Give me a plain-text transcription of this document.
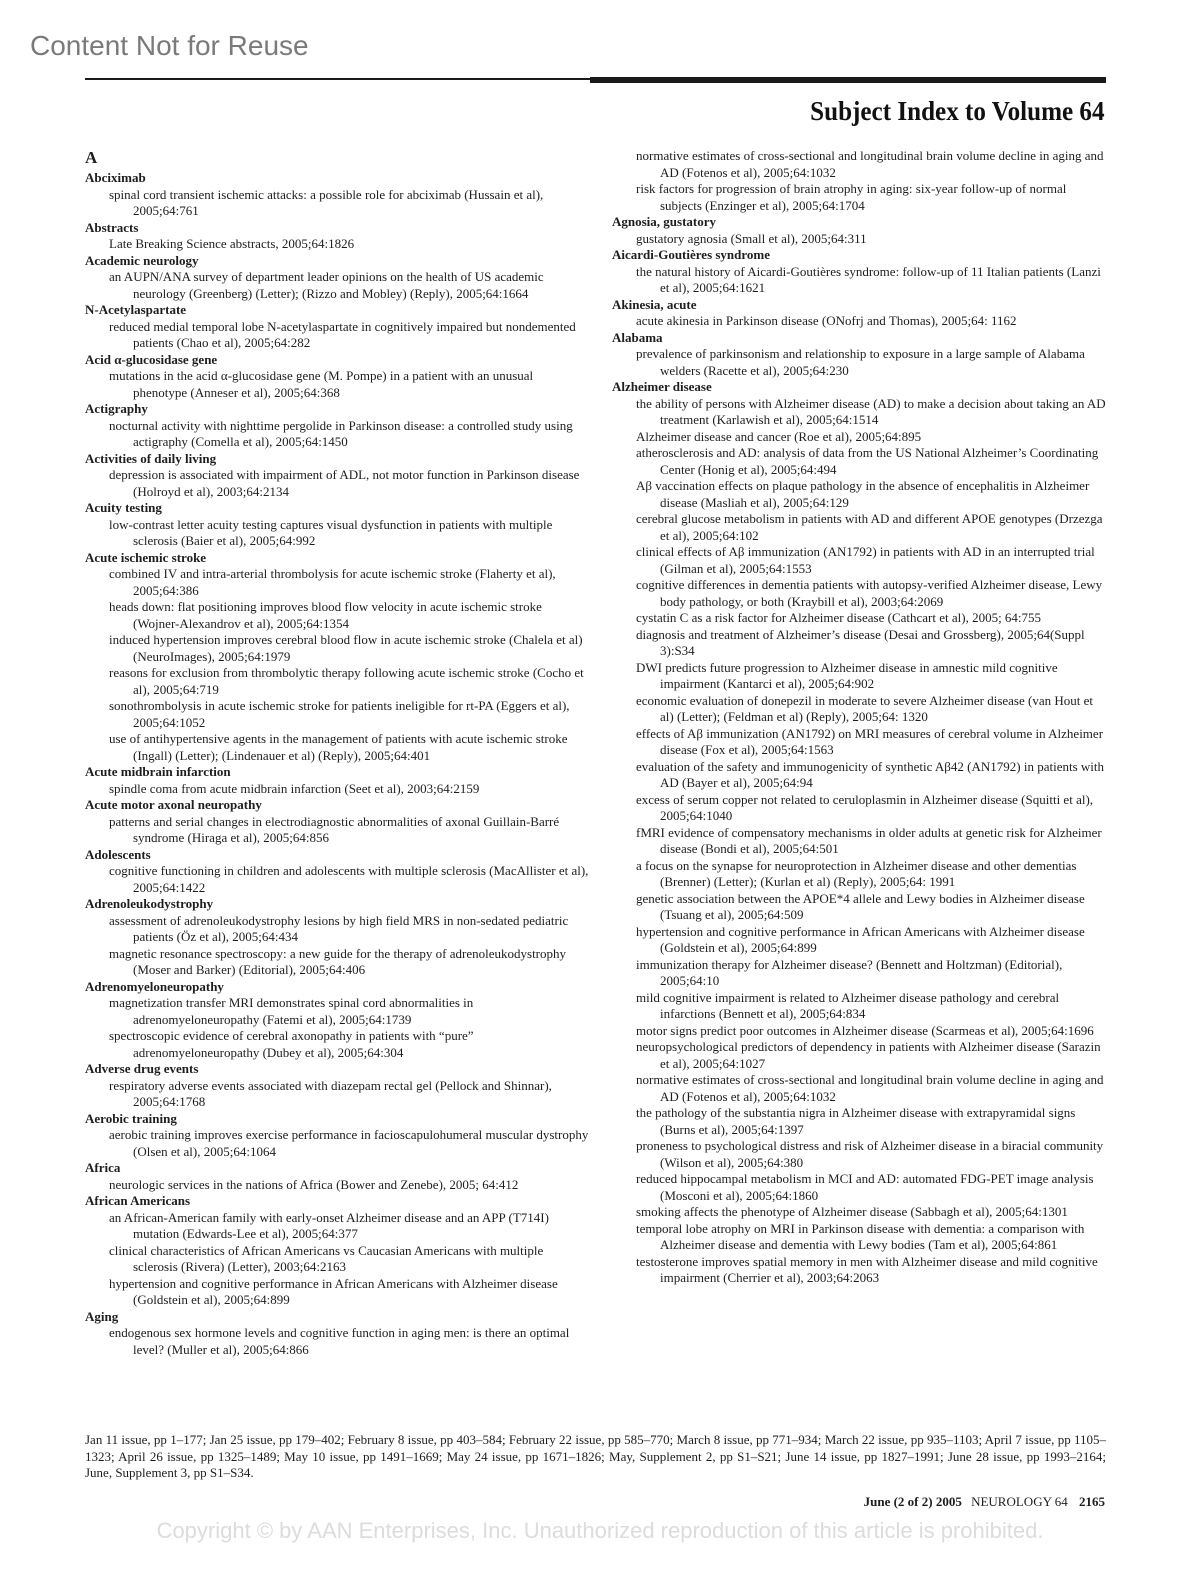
Content Not for Reuse
Subject Index to Volume 64
A
Abciximab
spinal cord transient ischemic attacks: a possible role for abciximab (Hussain et al), 2005;64:761
Abstracts
Late Breaking Science abstracts, 2005;64:1826
Academic neurology
an AUPN/ANA survey of department leader opinions on the health of US academic neurology (Greenberg) (Letter); (Rizzo and Mobley) (Reply), 2005;64:1664
N-Acetylaspartate
reduced medial temporal lobe N-acetylaspartate in cognitively impaired but nondemented patients (Chao et al), 2005;64:282
Acid α-glucosidase gene
mutations in the acid α-glucosidase gene (M. Pompe) in a patient with an unusual phenotype (Anneser et al), 2005;64:368
Actigraphy
nocturnal activity with nighttime pergolide in Parkinson disease: a controlled study using actigraphy (Comella et al), 2005;64:1450
Activities of daily living
depression is associated with impairment of ADL, not motor function in Parkinson disease (Holroyd et al), 2003;64:2134
Acuity testing
low-contrast letter acuity testing captures visual dysfunction in patients with multiple sclerosis (Baier et al), 2005;64:992
Acute ischemic stroke
combined IV and intra-arterial thrombolysis for acute ischemic stroke (Flaherty et al), 2005;64:386
heads down: flat positioning improves blood flow velocity in acute ischemic stroke (Wojner-Alexandrov et al), 2005;64:1354
induced hypertension improves cerebral blood flow in acute ischemic stroke (Chalela et al) (NeuroImages), 2005;64:1979
reasons for exclusion from thrombolytic therapy following acute ischemic stroke (Cocho et al), 2005;64:719
sonothrombolysis in acute ischemic stroke for patients ineligible for rt-PA (Eggers et al), 2005;64:1052
use of antihypertensive agents in the management of patients with acute ischemic stroke (Ingall) (Letter); (Lindenauer et al) (Reply), 2005;64:401
Acute midbrain infarction
spindle coma from acute midbrain infarction (Seet et al), 2003;64:2159
Acute motor axonal neuropathy
patterns and serial changes in electrodiagnostic abnormalities of axonal Guillain-Barré syndrome (Hiraga et al), 2005;64:856
Adolescents
cognitive functioning in children and adolescents with multiple sclerosis (MacAllister et al), 2005;64:1422
Adrenoleukodystrophy
assessment of adrenoleukodystrophy lesions by high field MRS in non-sedated pediatric patients (Öz et al), 2005;64:434
magnetic resonance spectroscopy: a new guide for the therapy of adrenoleukodystrophy (Moser and Barker) (Editorial), 2005;64:406
Adrenomyeloneuropathy
magnetization transfer MRI demonstrates spinal cord abnormalities in adrenomyeloneuropathy (Fatemi et al), 2005;64:1739
spectroscopic evidence of cerebral axonopathy in patients with “pure” adrenomyeloneuropathy (Dubey et al), 2005;64:304
Adverse drug events
respiratory adverse events associated with diazepam rectal gel (Pellock and Shinnar), 2005;64:1768
Aerobic training
aerobic training improves exercise performance in facioscapulohumeral muscular dystrophy (Olsen et al), 2005;64:1064
Africa
neurologic services in the nations of Africa (Bower and Zenebe), 2005; 64:412
African Americans
an African-American family with early-onset Alzheimer disease and an APP (T714I) mutation (Edwards-Lee et al), 2005;64:377
clinical characteristics of African Americans vs Caucasian Americans with multiple sclerosis (Rivera) (Letter), 2003;64:2163
hypertension and cognitive performance in African Americans with Alzheimer disease (Goldstein et al), 2005;64:899
Aging
endogenous sex hormone levels and cognitive function in aging men: is there an optimal level? (Muller et al), 2005;64:866
normative estimates of cross-sectional and longitudinal brain volume decline in aging and AD (Fotenos et al), 2005;64:1032
risk factors for progression of brain atrophy in aging: six-year follow-up of normal subjects (Enzinger et al), 2005;64:1704
Agnosia, gustatory
gustatory agnosia (Small et al), 2005;64:311
Aicardi-Goutières syndrome
the natural history of Aicardi-Goutières syndrome: follow-up of 11 Italian patients (Lanzi et al), 2005;64:1621
Akinesia, acute
acute akinesia in Parkinson disease (ONofrj and Thomas), 2005;64: 1162
Alabama
prevalence of parkinsonism and relationship to exposure in a large sample of Alabama welders (Racette et al), 2005;64:230
Alzheimer disease
the ability of persons with Alzheimer disease (AD) to make a decision about taking an AD treatment (Karlawish et al), 2005;64:1514
Alzheimer disease and cancer (Roe et al), 2005;64:895
atherosclerosis and AD: analysis of data from the US National Alzheimer’s Coordinating Center (Honig et al), 2005;64:494
Aβ vaccination effects on plaque pathology in the absence of encephalitis in Alzheimer disease (Masliah et al), 2005;64:129
cerebral glucose metabolism in patients with AD and different APOE genotypes (Drzezga et al), 2005;64:102
clinical effects of Aβ immunization (AN1792) in patients with AD in an interrupted trial (Gilman et al), 2005;64:1553
cognitive differences in dementia patients with autopsy-verified Alzheimer disease, Lewy body pathology, or both (Kraybill et al), 2003;64:2069
cystatin C as a risk factor for Alzheimer disease (Cathcart et al), 2005; 64:755
diagnosis and treatment of Alzheimer’s disease (Desai and Grossberg), 2005;64(Suppl 3):S34
DWI predicts future progression to Alzheimer disease in amnestic mild cognitive impairment (Kantarci et al), 2005;64:902
economic evaluation of donepezil in moderate to severe Alzheimer disease (van Hout et al) (Letter); (Feldman et al) (Reply), 2005;64: 1320
effects of Aβ immunization (AN1792) on MRI measures of cerebral volume in Alzheimer disease (Fox et al), 2005;64:1563
evaluation of the safety and immunogenicity of synthetic Aβ42 (AN1792) in patients with AD (Bayer et al), 2005;64:94
excess of serum copper not related to ceruloplasmin in Alzheimer disease (Squitti et al), 2005;64:1040
fMRI evidence of compensatory mechanisms in older adults at genetic risk for Alzheimer disease (Bondi et al), 2005;64:501
a focus on the synapse for neuroprotection in Alzheimer disease and other dementias (Brenner) (Letter); (Kurlan et al) (Reply), 2005;64: 1991
genetic association between the APOE*4 allele and Lewy bodies in Alzheimer disease (Tsuang et al), 2005;64:509
hypertension and cognitive performance in African Americans with Alzheimer disease (Goldstein et al), 2005;64:899
immunization therapy for Alzheimer disease? (Bennett and Holtzman) (Editorial), 2005;64:10
mild cognitive impairment is related to Alzheimer disease pathology and cerebral infarctions (Bennett et al), 2005;64:834
motor signs predict poor outcomes in Alzheimer disease (Scarmeas et al), 2005;64:1696
neuropsychological predictors of dependency in patients with Alzheimer disease (Sarazin et al), 2005;64:1027
normative estimates of cross-sectional and longitudinal brain volume decline in aging and AD (Fotenos et al), 2005;64:1032
the pathology of the substantia nigra in Alzheimer disease with extrapyramidal signs (Burns et al), 2005;64:1397
proneness to psychological distress and risk of Alzheimer disease in a biracial community (Wilson et al), 2005;64:380
reduced hippocampal metabolism in MCI and AD: automated FDG-PET image analysis (Mosconi et al), 2005;64:1860
smoking affects the phenotype of Alzheimer disease (Sabbagh et al), 2005;64:1301
temporal lobe atrophy on MRI in Parkinson disease with dementia: a comparison with Alzheimer disease and dementia with Lewy bodies (Tam et al), 2005;64:861
testosterone improves spatial memory in men with Alzheimer disease and mild cognitive impairment (Cherrier et al), 2003;64:2063
Jan 11 issue, pp 1–177; Jan 25 issue, pp 179–402; February 8 issue, pp 403–584; February 22 issue, pp 585–770; March 8 issue, pp 771–934; March 22 issue, pp 935–1103; April 7 issue, pp 1105–1323; April 26 issue, pp 1325–1489; May 10 issue, pp 1491–1669; May 24 issue, pp 1671–1826; May, Supplement 2, pp S1–S21; June 14 issue, pp 1827–1991; June 28 issue, pp 1993–2164; June, Supplement 3, pp S1–S34.
June (2 of 2) 2005 NEUROLOGY 64 2165
Copyright © by AAN Enterprises, Inc. Unauthorized reproduction of this article is prohibited.
